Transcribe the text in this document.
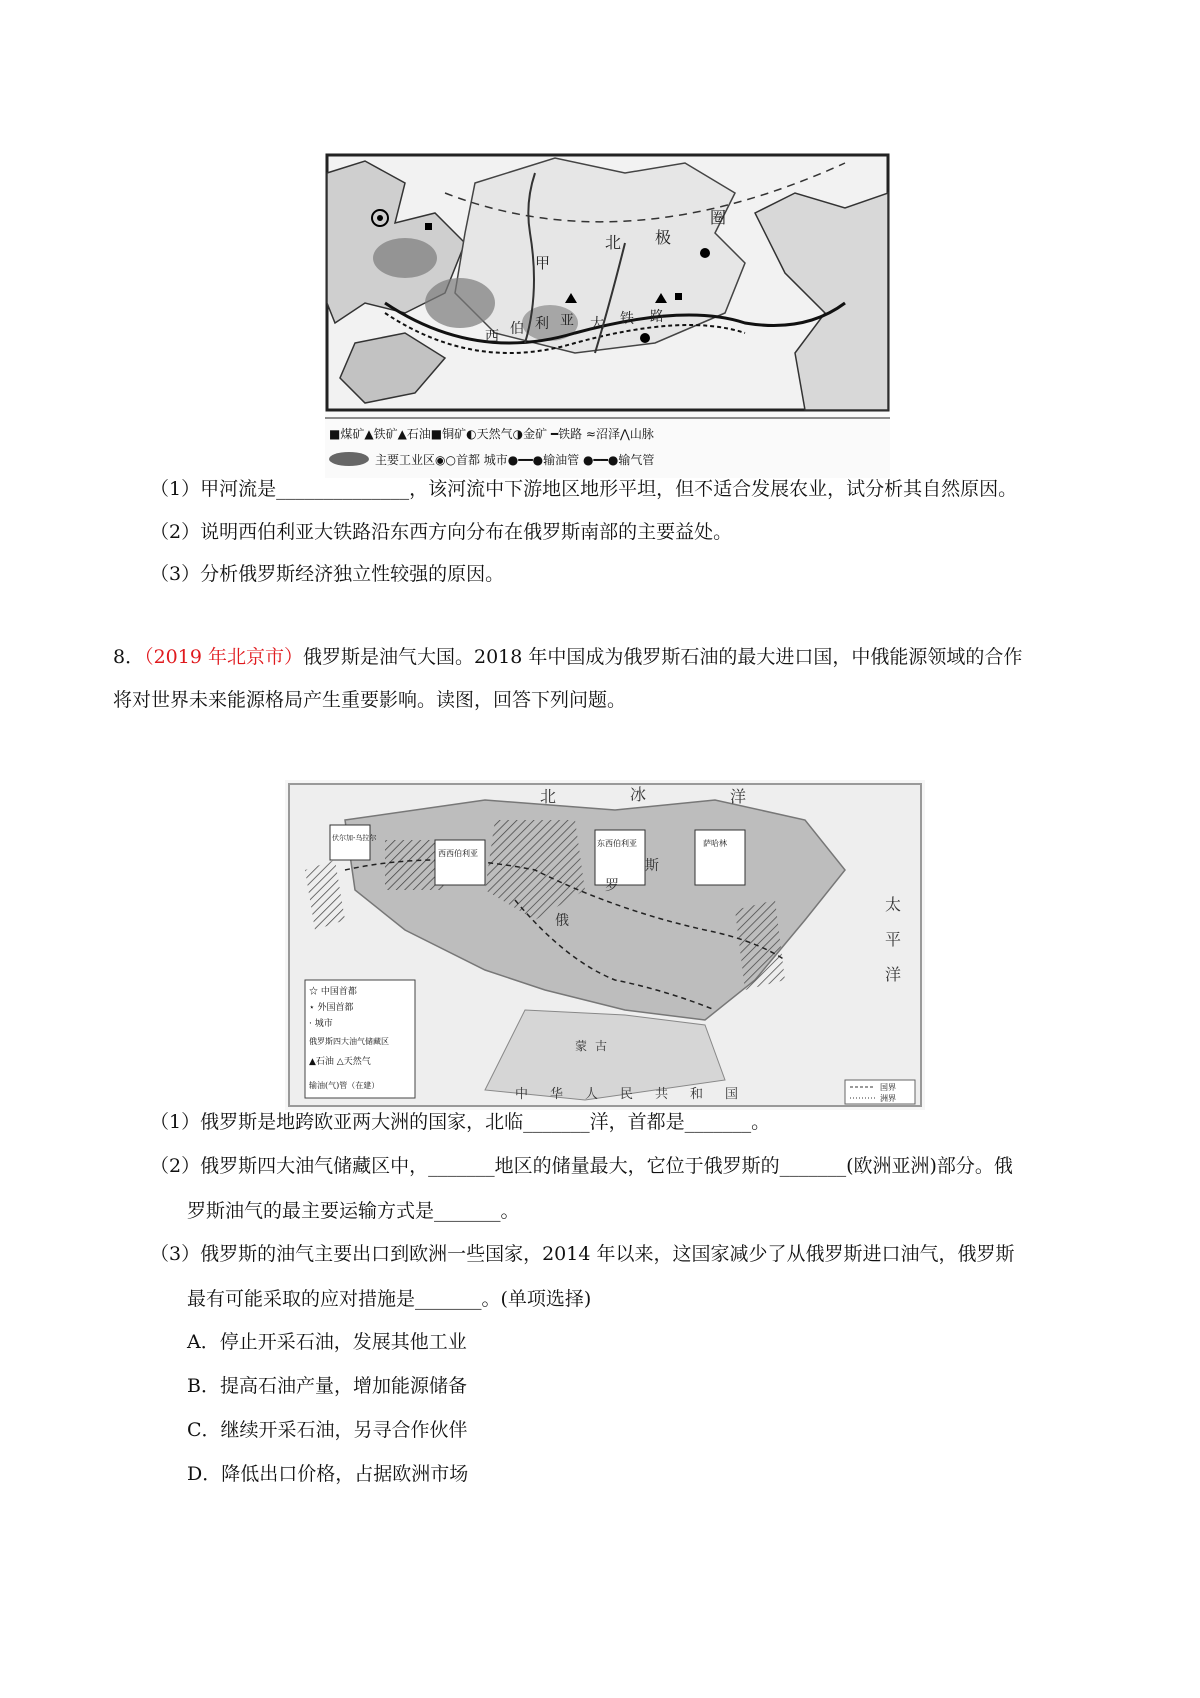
北 极
圈
西 伯 利 亚 大 铁 路
甲
■煤矿▲铁矿▲石油■铜矿◐天然气◑金矿 ━铁路 ≈沼泽⋀山脉
主要工业区◉○首都 城市●━━●输油管 ●━━●输气管
（1）甲河流是______________，该河流中下游地区地形平坦，但不适合发展农业，试分析其自然原因。
（2）说明西伯利亚大铁路沿东西方向分布在俄罗斯南部的主要益处。
（3）分析俄罗斯经济独立性较强的原因。
8．（2019 年北京市）俄罗斯是油气大国。2018 年中国成为俄罗斯石油的最大进口国，中俄能源领域的合作
将对世界未来能源格局产生重要影响。读图，回答下列问题。
西西伯利亚
伏尔加-乌拉尔
东西伯利亚	萨哈林
北	冰	洋
太
平
洋
俄
罗
斯
蒙 古
中 华 人 民 共 和 国
☆ 中国首都
⋆ 外国首都
· 城市
俄罗斯四大油气储藏区
▲石油 △天然气
输油(气)管（在建）	国界
洲界
（1）俄罗斯是地跨欧亚两大洲的国家，北临_______洋，首都是_______。
（2）俄罗斯四大油气储藏区中，_______地区的储量最大，它位于俄罗斯的_______(欧洲亚洲)部分。俄
罗斯油气的最主要运输方式是_______。
（3）俄罗斯的油气主要出口到欧洲一些国家，2014 年以来，这国家减少了从俄罗斯进口油气，俄罗斯
最有可能采取的应对措施是_______。(单项选择)
A．停止开采石油，发展其他工业
B．提高石油产量，增加能源储备
C．继续开采石油，另寻合作伙伴
D．降低出口价格，占据欧洲市场
